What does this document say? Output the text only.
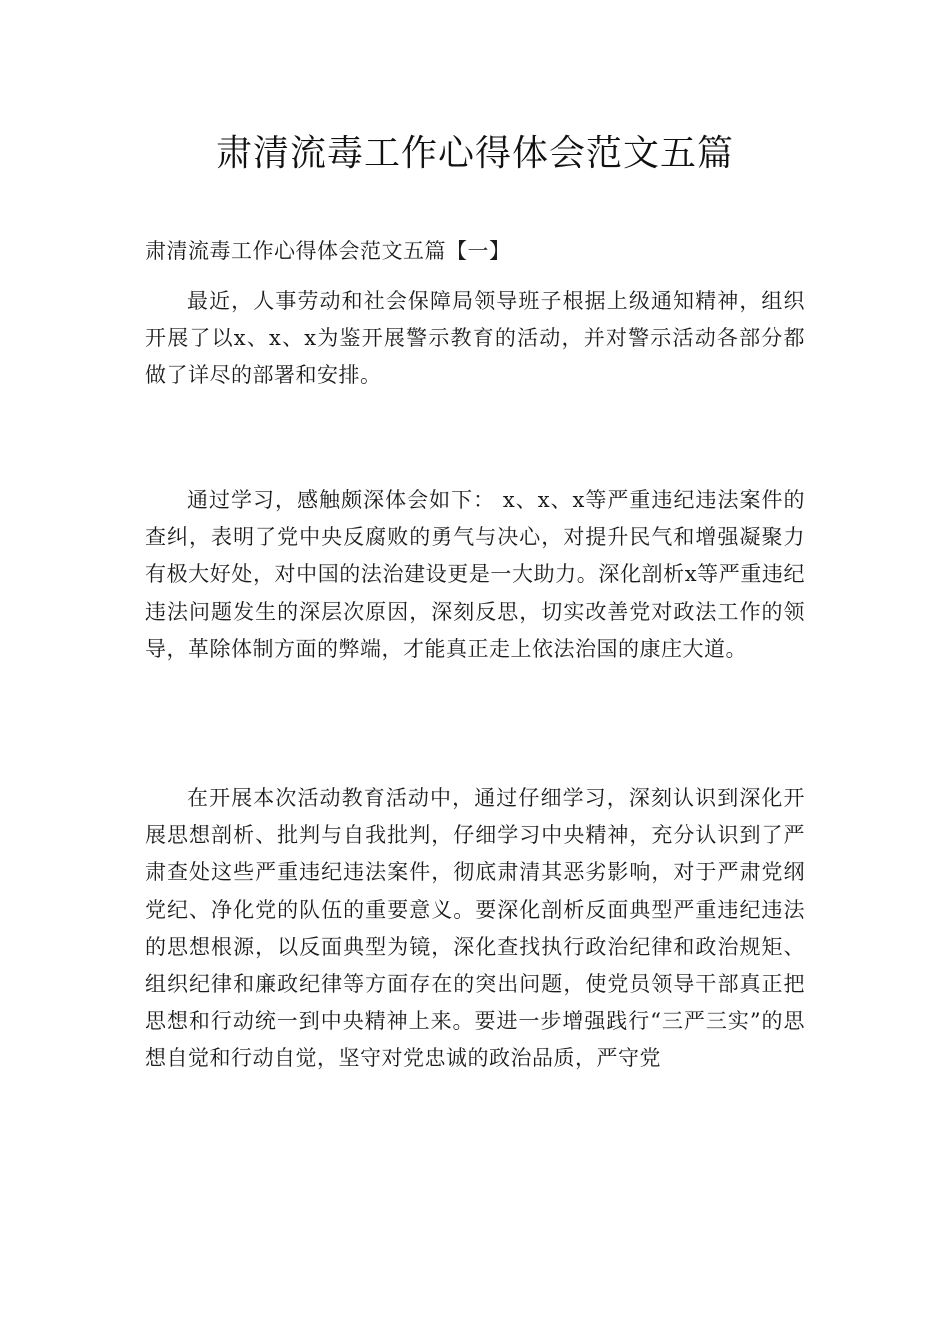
肃清流毒工作心得体会范文五篇

肃清流毒工作心得体会范文五篇【一】

最近，人事劳动和社会保障局领导班子根据上级通知精神，组织开展了以x、x、x为鉴开展警示教育的活动，并对警示活动各部分都做了详尽的部署和安排。

通过学习，感触颇深体会如下： x、x、x等严重违纪违法案件的查纠，表明了党中央反腐败的勇气与决心，对提升民气和增强凝聚力有极大好处，对中国的法治建设更是一大助力。深化剖析x等严重违纪违法问题发生的深层次原因，深刻反思，切实改善党对政法工作的领导，革除体制方面的弊端，才能真正走上依法治国的康庄大道。

在开展本次活动教育活动中，通过仔细学习，深刻认识到深化开展思想剖析、批判与自我批判，仔细学习中央精神，充分认识到了严肃查处这些严重违纪违法案件，彻底肃清其恶劣影响，对于严肃党纲党纪、净化党的队伍的重要意义。要深化剖析反面典型严重违纪违法的思想根源，以反面典型为镜，深化查找执行政治纪律和政治规矩、组织纪律和廉政纪律等方面存在的突出问题，使党员领导干部真正把思想和行动统一到中央精神上来。要进一步增强践行“三严三实”的思想自觉和行动自觉，坚守对党忠诚的政治品质，严守党
